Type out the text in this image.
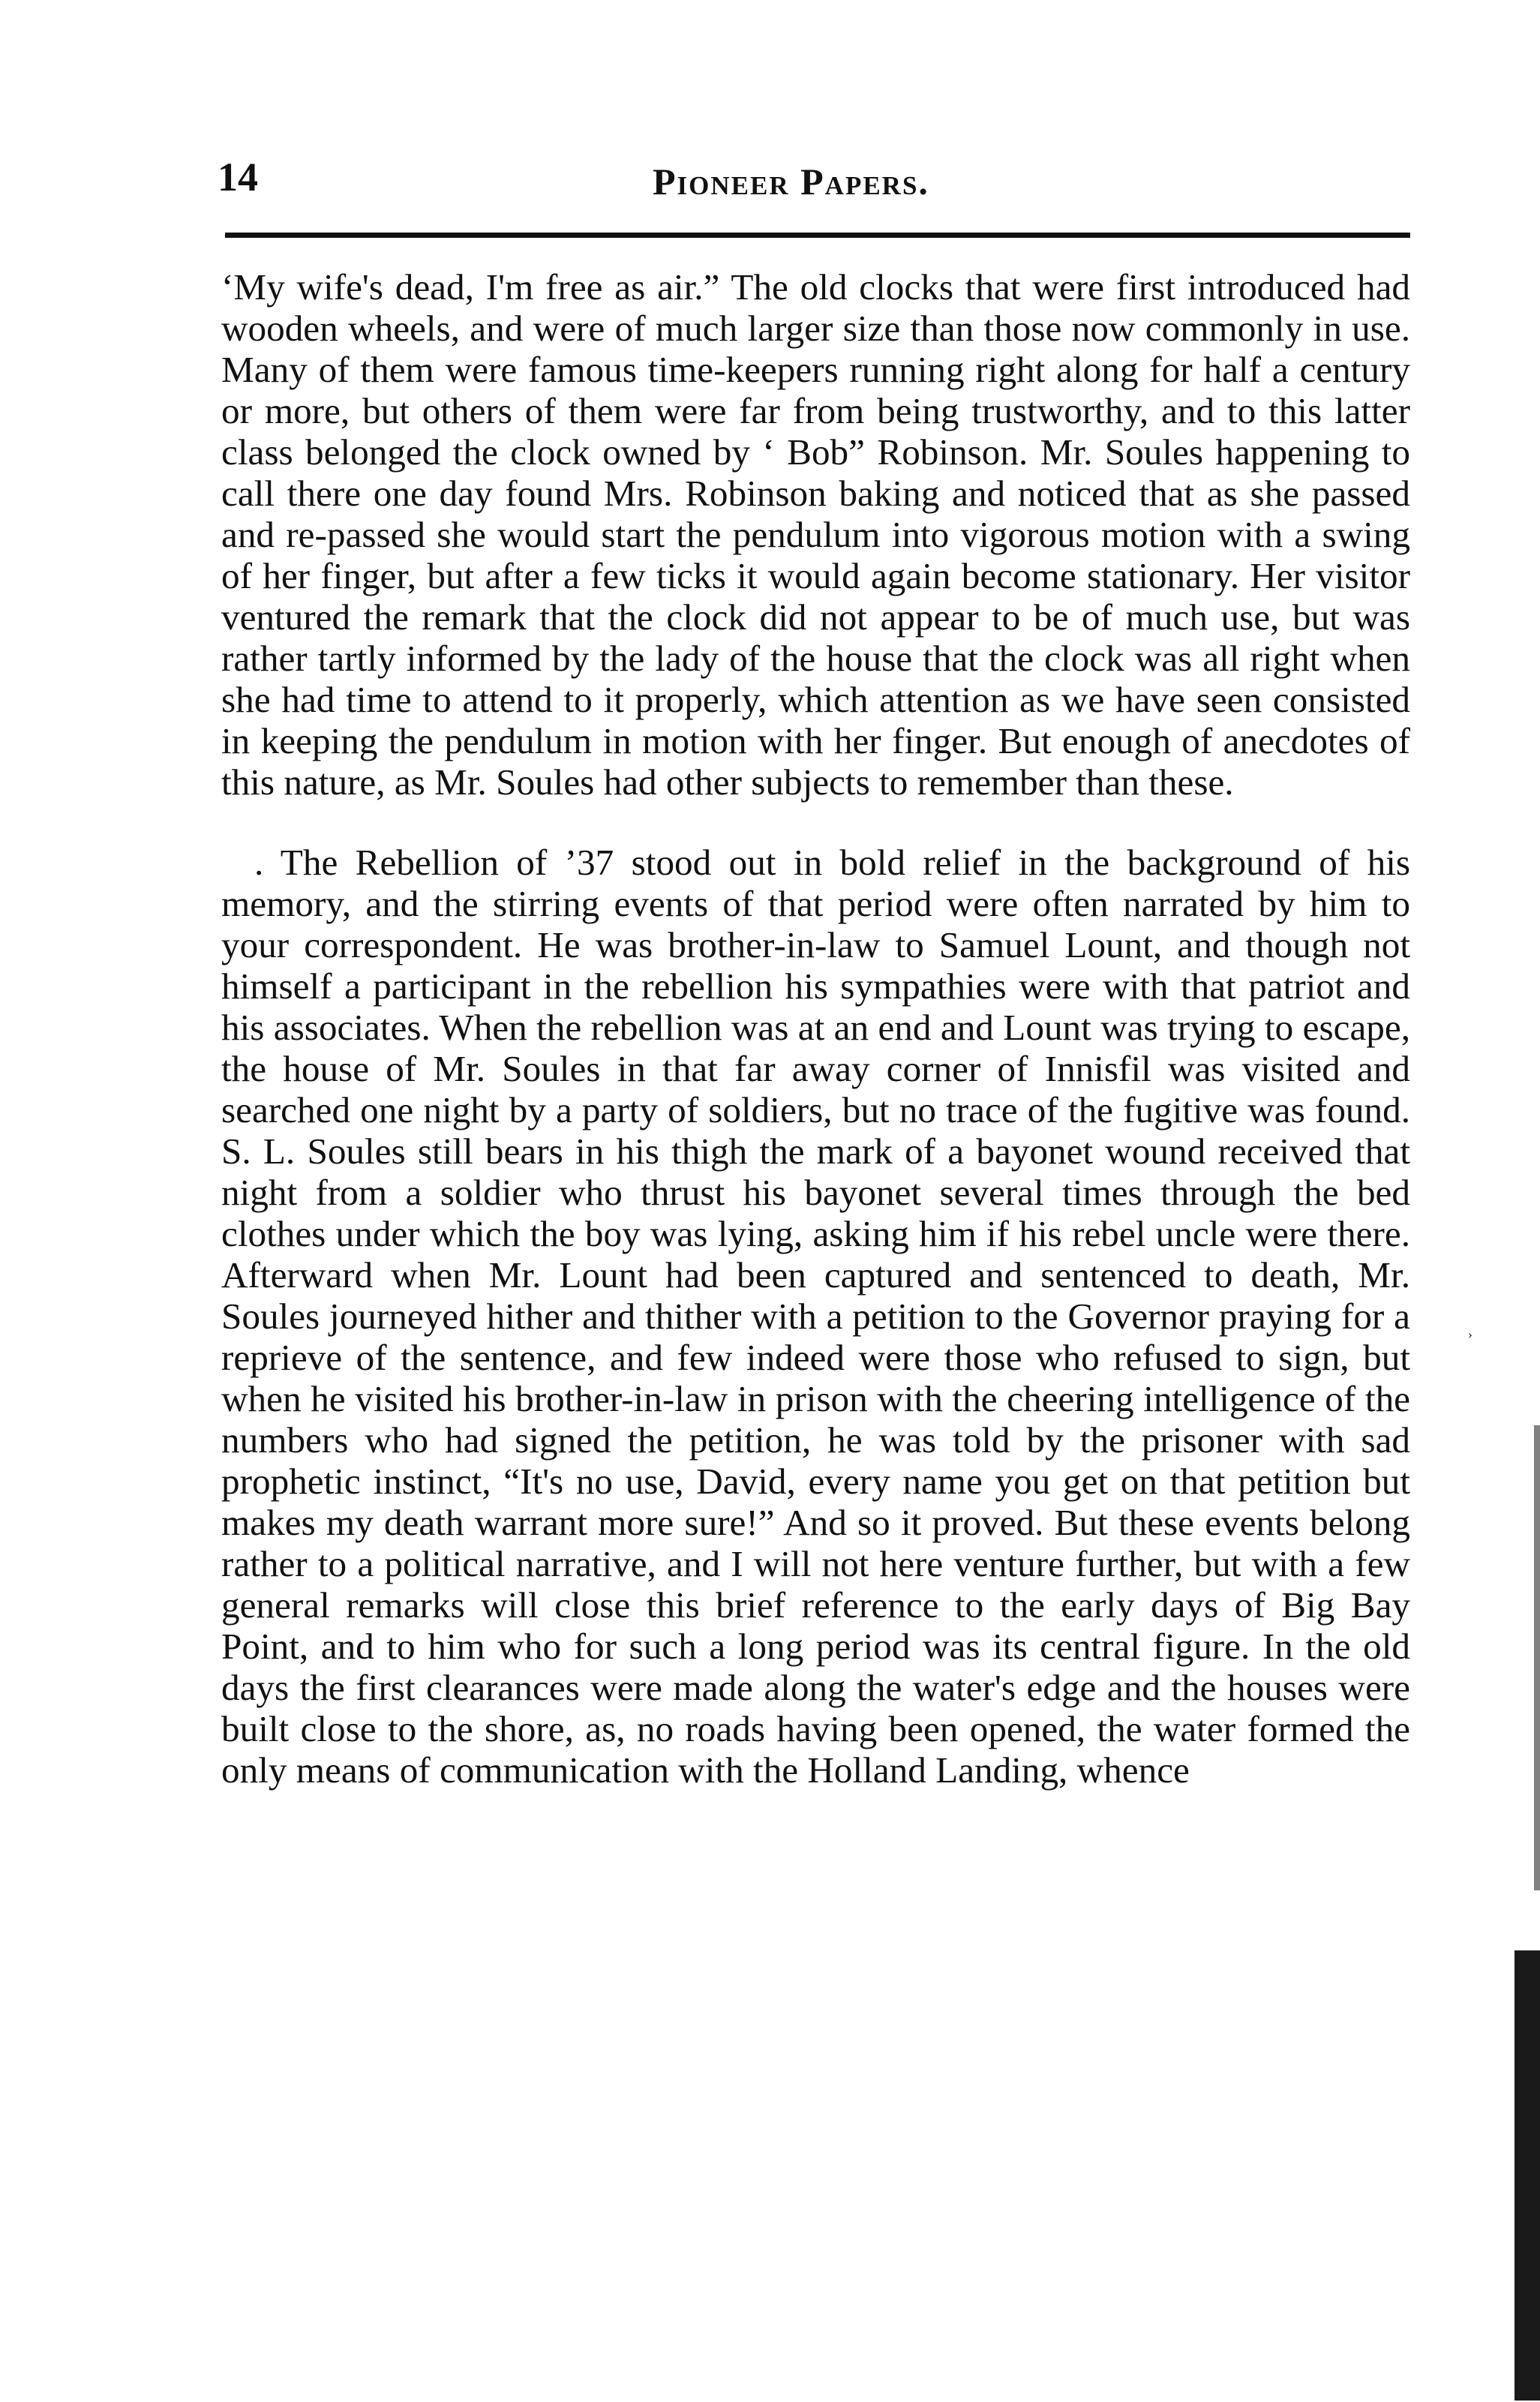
14	Pioneer Papers.

‘My wife's dead, I'm free as air.” The old clocks that were first introduced had wooden wheels, and were of much larger size than those now commonly in use. Many of them were famous time-keepers running right along for half a century or more, but others of them were far from being trustworthy, and to this latter class belonged the clock owned by ‘ Bob” Robinson. Mr. Soules happening to call there one day found Mrs. Robinson baking and noticed that as she passed and re-passed she would start the pendulum into vigorous motion with a swing of her finger, but after a few ticks it would again become stationary. Her visitor ventured the remark that the clock did not appear to be of much use, but was rather tartly informed by the lady of the house that the clock was all right when she had time to attend to it properly, which attention as we have seen consisted in keeping the pendulum in motion with her finger. But enough of anecdotes of this nature, as Mr. Soules had other subjects to remember than these.

. The Rebellion of ’37 stood out in bold relief in the background of his memory, and the stirring events of that period were often narrated by him to your correspondent. He was brother-in-law to Samuel Lount, and though not himself a participant in the rebellion his sympathies were with that patriot and his associates. When the rebellion was at an end and Lount was trying to escape, the house of Mr. Soules in that far away corner of Innisfil was visited and searched one night by a party of soldiers, but no trace of the fugitive was found. S. L. Soules still bears in his thigh the mark of a bayonet wound received that night from a soldier who thrust his bayonet several times through the bed clothes under which the boy was lying, asking him if his rebel uncle were there. Afterward when Mr. Lount had been captured and sentenced to death, Mr. Soules journeyed hither and thither with a petition to the Governor praying for a reprieve of the sentence, and few indeed were those who refused to sign, but when he visited his brother-in-law in prison with the cheering intelligence of the numbers who had signed the petition, he was told by the prisoner with sad prophetic instinct, “It's no use, David, every name you get on that petition but makes my death warrant more sure!” And so it proved. But these events belong rather to a political narrative, and I will not here venture further, but with a few general remarks will close this brief reference to the early days of Big Bay Point, and to him who for such a long period was its central figure. In the old days the first clearances were made along the water's edge and the houses were built close to the shore, as, no roads having been opened, the water formed the only means of communication with the Holland Landing, whence

›
